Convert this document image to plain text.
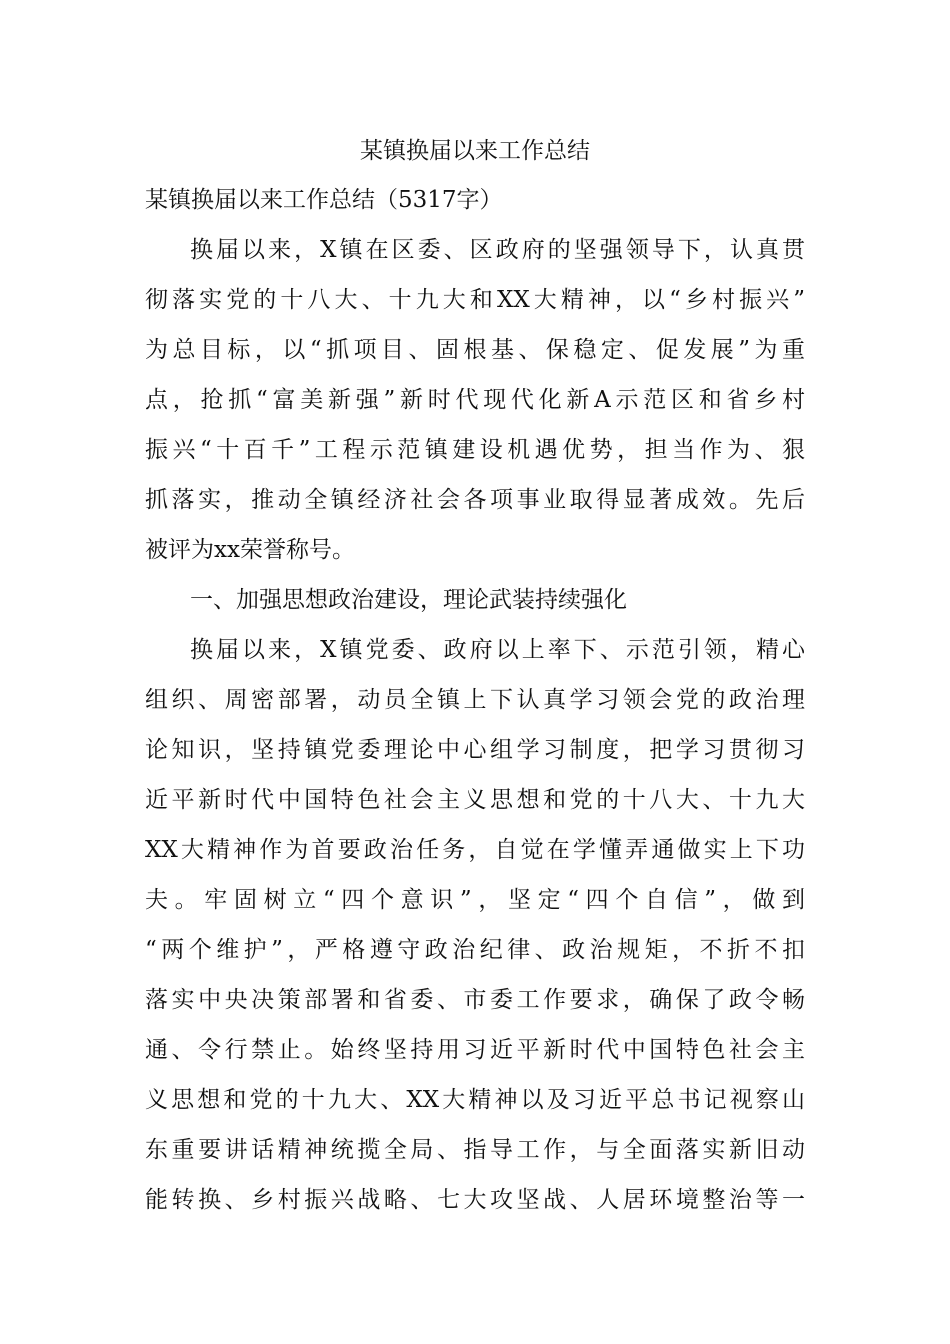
某镇换届以来工作总结

某镇换届以来工作总结（5317字）

换届以来，X镇在区委、区政府的坚强领导下，认真贯

彻落实党的十八大、十九大和XX大精神，以“乡村振兴”

为总目标，以“抓项目、固根基、保稳定、促发展”为重

点，抢抓“富美新强”新时代现代化新A示范区和省乡村

振兴“十百千”工程示范镇建设机遇优势，担当作为、狠

抓落实，推动全镇经济社会各项事业取得显著成效。先后

被评为xx荣誉称号。

一、加强思想政治建设，理论武装持续强化

换届以来，X镇党委、政府以上率下、示范引领，精心

组织、周密部署，动员全镇上下认真学习领会党的政治理

论知识，坚持镇党委理论中心组学习制度，把学习贯彻习

近平新时代中国特色社会主义思想和党的十八大、十九大

XX大精神作为首要政治任务，自觉在学懂弄通做实上下功

夫。牢固树立“四个意识”，坚定“四个自信”，做到

“两个维护”，严格遵守政治纪律、政治规矩，不折不扣

落实中央决策部署和省委、市委工作要求，确保了政令畅

通、令行禁止。始终坚持用习近平新时代中国特色社会主

义思想和党的十九大、XX大精神以及习近平总书记视察山

东重要讲话精神统揽全局、指导工作，与全面落实新旧动

能转换、乡村振兴战略、七大攻坚战、人居环境整治等一
